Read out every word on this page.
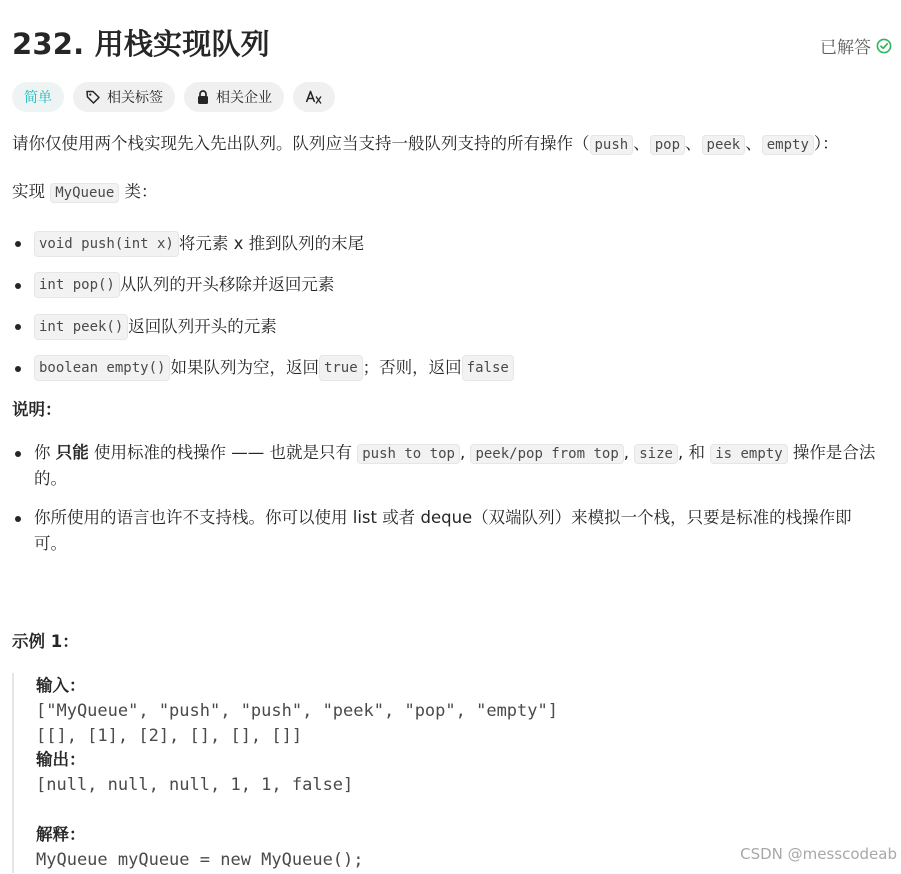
232. 用栈实现队列	已解答
简单	相关标签	相关企业

请你仅使用两个栈实现先入先出队列。队列应当支持一般队列支持的所有操作（ push 、 pop 、 peek 、 empty ）：

实现 MyQueue 类：

void push(int x) 将元素 x 推到队列的末尾
int pop() 从队列的开头移除并返回元素
int peek() 返回队列开头的元素
boolean empty() 如果队列为空，返回 true ；否则，返回 false

说明：

你 只能 使用标准的栈操作 —— 也就是只有 push to top , peek/pop from top , size , 和 is empty 操作是合法的。
你所使用的语言也许不支持栈。你可以使用 list 或者 deque（双端队列）来模拟一个栈，只要是标准的栈操作即可。

示例 1：

输入：
["MyQueue", "push", "push", "peek", "pop", "empty"]
[[], [1], [2], [], [], []]
输出：
[null, null, null, 1, 1, false]
解释：
MyQueue myQueue = new MyQueue();	CSDN @messcodeab
